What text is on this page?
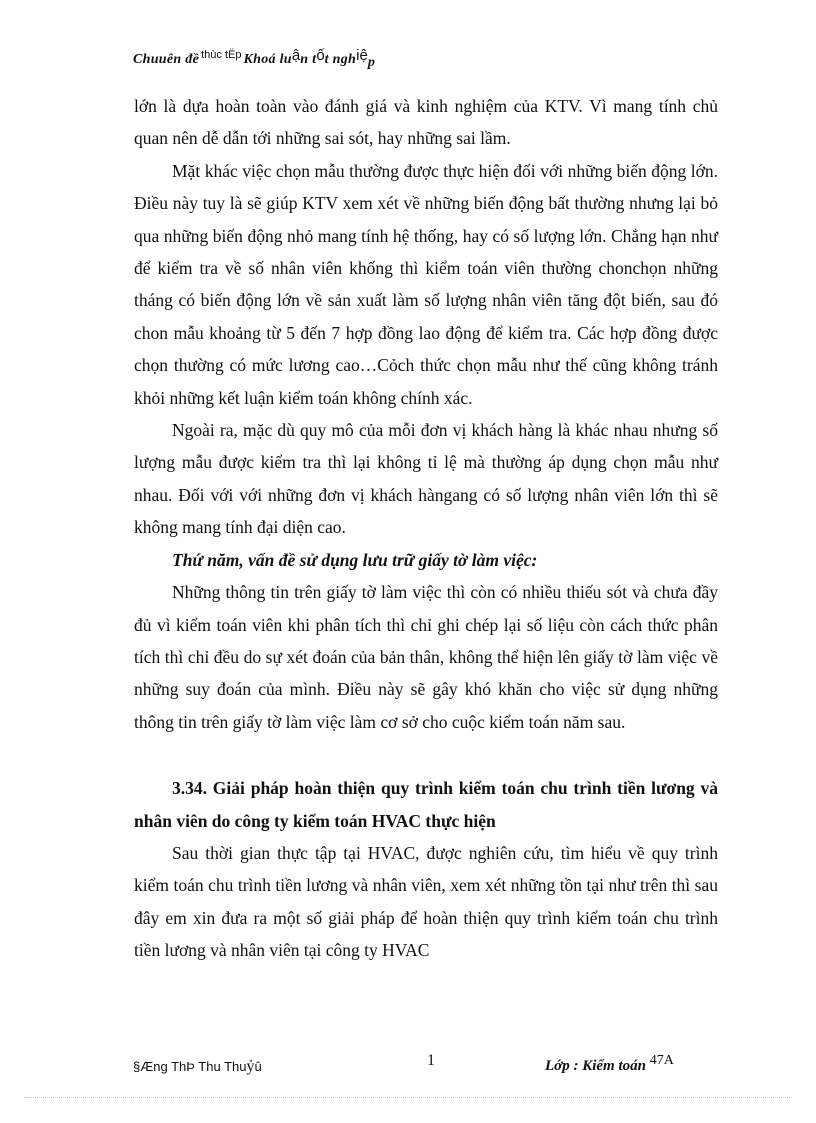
Chuuên đề $^{thùc tËp}$ Khoá luận tốt nghiệp

lớn là dựa hoàn toàn vào đánh giá và kinh nghiệm của KTV. Vì mang tính chủ quan nên dễ dẫn tới những sai sót, hay những sai lầm.

Mặt khác việc chọn mẫu thường được thực hiện đối với những biến động lớn. Điều này tuy là sẽ giúp KTV xem xét về những biến động bất thường nhưng lại bỏ qua những biến động nhỏ mang tính hệ thống, hay có số lượng lớn. Chẳng hạn như để kiểm tra về số nhân viên khống thì kiểm toán viên thường chonchọn những tháng có biến động lớn về sản xuất làm số lượng nhân viên tăng đột biến, sau đó chon mẫu khoảng từ 5 đến 7 hợp đồng lao động để kiểm tra. Các hợp đồng được chọn thường có mức lương cao…Cỏch thức chọn mẫu như thế cũng không tránh khỏi những kết luận kiểm toán không chính xác.

Ngoài ra, mặc dù quy mô của mỗi đơn vị khách hàng là khác nhau nhưng số lượng mẫu được kiểm tra thì lại không tỉ lệ mà thường áp dụng chọn mẫu như nhau. Đối với với những đơn vị khách hàngang có số lượng nhân viên lớn thì sẽ không mang tính đại diện cao.

Thứ năm, vấn đề sử dụng lưu trữ giấy tờ làm việc:

Những thông tin trên giấy tờ làm việc thì còn có nhiều thiếu sót và chưa đầy đủ vì kiểm toán viên khi phân tích thì chỉ ghi chép lại số liệu còn cách thức phân tích thì chỉ đều do sự xét đoán của bản thân, không thể hiện lên giấy tờ làm việc về những suy đoán của mình. Điều này sẽ gây khó khăn cho việc sử dụng những thông tin trên giấy tờ làm việc làm cơ sở cho cuộc kiểm toán năm sau.

3.34. Giải pháp hoàn thiện quy trình kiểm toán chu trình tiền lương và nhân viên do công ty kiểm toán HVAC thực hiện

Sau thời gian thực tập tại HVAC, được nghiên cứu, tìm hiểu về quy trình kiểm toán chu trình tiền lương và nhân viên, xem xét những tồn tại như trên thì sau đây em xin đưa ra một số giải pháp để hoàn thiện quy trình kiểm toán chu trình tiền lương và nhân viên tại công ty HVAC

§Æng ThÞ Thu Thuỷû	1	Lớp : Kiểm toán 47A
